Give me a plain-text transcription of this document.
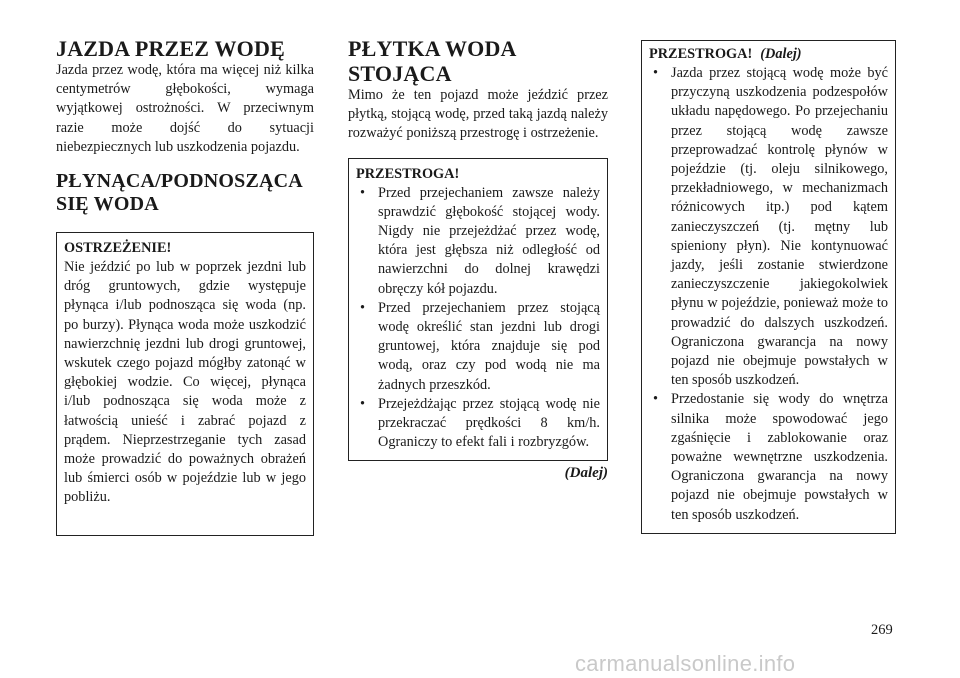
JAZDA PRZEZ WODĘ

Jazda przez wodę, która ma więcej niż kilka centymetrów głębokości, wymaga wyjątkowej ostrożności. W przeciwnym razie może dojść do sytuacji niebezpiecznych lub uszkodzenia pojazdu.

PŁYNĄCA/PODNOSZĄCA
SIĘ WODA
OSTRZEŻENIE!
Nie jeździć po lub w poprzek jezdni lub dróg gruntowych, gdzie występuje płynąca i/lub podnosząca się woda (np. po burzy). Płynąca woda może uszkodzić nawierzchnię jezdni lub drogi gruntowej, wskutek czego pojazd mógłby zatonąć w głębokiej wodzie. Co więcej, płynąca i/lub podnosząca się woda może z łatwością unieść i zabrać pojazd z prądem. Nieprzestrzeganie tych zasad może prowadzić do poważnych obrażeń lub śmierci osób w pojeździe lub w jego pobliżu.
PŁYTKA WODA STOJĄCA

Mimo że ten pojazd może jeździć przez płytką, stojącą wodę, przed taką jazdą należy rozważyć poniższą przestrogę i ostrzeżenie.

PRZESTROGA!
• Przed przejechaniem zawsze należy sprawdzić głębokość stojącej wody. Nigdy nie przejeżdżać przez wodę, która jest głębsza niż odległość od nawierzchni do dolnej krawędzi obręczy kół pojazdu.
• Przed przejechaniem przez stojącą wodę określić stan jezdni lub drogi gruntowej, która znajduje się pod wodą, oraz czy pod wodą nie ma żadnych przeszkód.
• Przejeżdżając przez stojącą wodę nie przekraczać prędkości 8 km/h. Ograniczy to efekt fali i rozbryzgów.
(Dalej)
PRZESTROGA! (Dalej)
• Jazda przez stojącą wodę może być przyczyną uszkodzenia podzespołów układu napędowego. Po przejechaniu przez stojącą wodę zawsze przeprowadzać kontrolę płynów w pojeździe (tj. oleju silnikowego, przekładniowego, w mechanizmach różnicowych itp.) pod kątem zanieczyszczeń (tj. mętny lub spieniony płyn). Nie kontynuować jazdy, jeśli zostanie stwierdzone zanieczyszczenie jakiegokolwiek płynu w pojeździe, ponieważ może to prowadzić do dalszych uszkodzeń. Ograniczona gwarancja na nowy pojazd nie obejmuje powstałych w ten sposób uszkodzeń.
• Przedostanie się wody do wnętrza silnika może spowodować jego zgaśnięcie i zablokowanie oraz poważne wewnętrzne uszkodzenia. Ograniczona gwarancja na nowy pojazd nie obejmuje powstałych w ten sposób uszkodzeń.
269
carmanualsonline.info
